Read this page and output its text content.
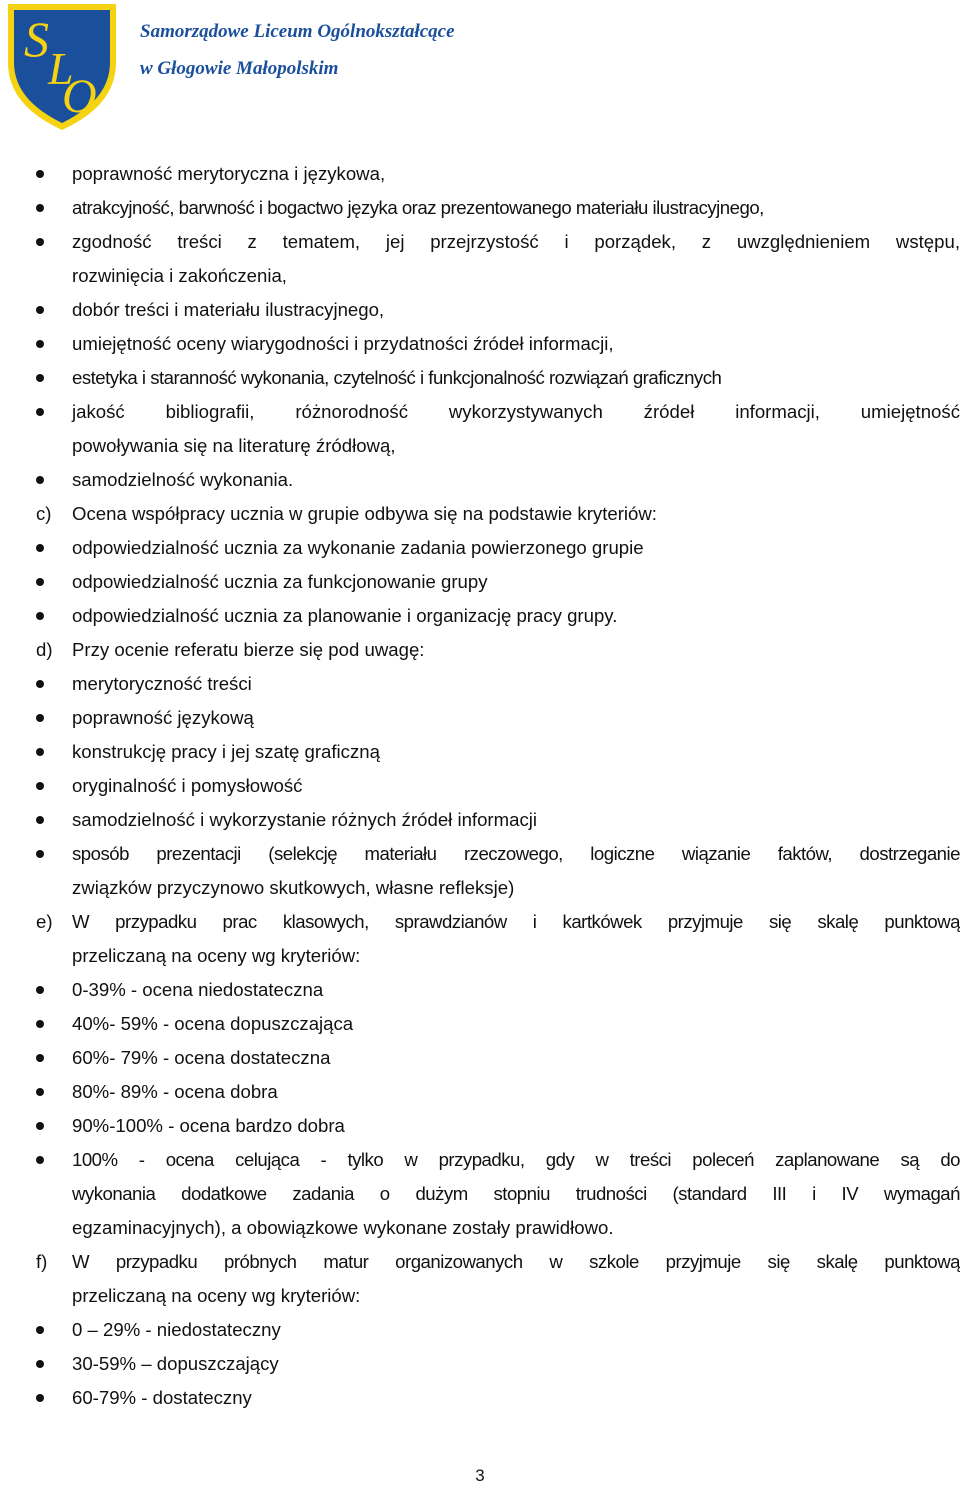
S
L
O
Samorządowe Liceum Ogólnokształcące
w Głogowie Małopolskim
poprawność merytoryczna i językowa,
atrakcyjność, barwność i bogactwo języka oraz prezentowanego materiału ilustracyjnego,
zgodność treści z tematem, jej przejrzystość i porządek, z uwzględnieniem wstępu,
rozwinięcia i zakończenia,
dobór treści i materiału ilustracyjnego,
umiejętność oceny wiarygodności i przydatności źródeł informacji,
estetyka i staranność wykonania, czytelność i funkcjonalność rozwiązań graficznych
jakość bibliografii, różnorodność wykorzystywanych źródeł informacji, umiejętność
powoływania się na literaturę źródłową,
samodzielność wykonania.
c) Ocena współpracy ucznia w grupie odbywa się na podstawie kryteriów:
odpowiedzialność ucznia za wykonanie zadania powierzonego grupie
odpowiedzialność ucznia za funkcjonowanie grupy
odpowiedzialność ucznia za planowanie i organizację pracy grupy.
d) Przy ocenie referatu bierze się pod uwagę:
merytoryczność treści
poprawność językową
konstrukcję pracy i jej szatę graficzną
oryginalność i pomysłowość
samodzielność i wykorzystanie różnych źródeł informacji
sposób prezentacji (selekcję materiału rzeczowego, logiczne wiązanie faktów, dostrzeganie
związków przyczynowo skutkowych, własne refleksje)
e) W przypadku prac klasowych, sprawdzianów i kartkówek przyjmuje się skalę punktową
przeliczaną na oceny wg kryteriów:
0-39% - ocena niedostateczna
40%- 59% - ocena dopuszczająca
60%- 79% - ocena dostateczna
80%- 89% - ocena dobra
90%-100% - ocena bardzo dobra
100% - ocena celująca - tylko w przypadku, gdy w treści poleceń zaplanowane są do
wykonania dodatkowe zadania o dużym stopniu trudności (standard III i IV wymagań
egzaminacyjnych), a obowiązkowe wykonane zostały prawidłowo.
f) W przypadku próbnych matur organizowanych w szkole przyjmuje się skalę punktową
przeliczaną na oceny wg kryteriów:
0 – 29% - niedostateczny
30-59% – dopuszczający
60-79% - dostateczny
3
